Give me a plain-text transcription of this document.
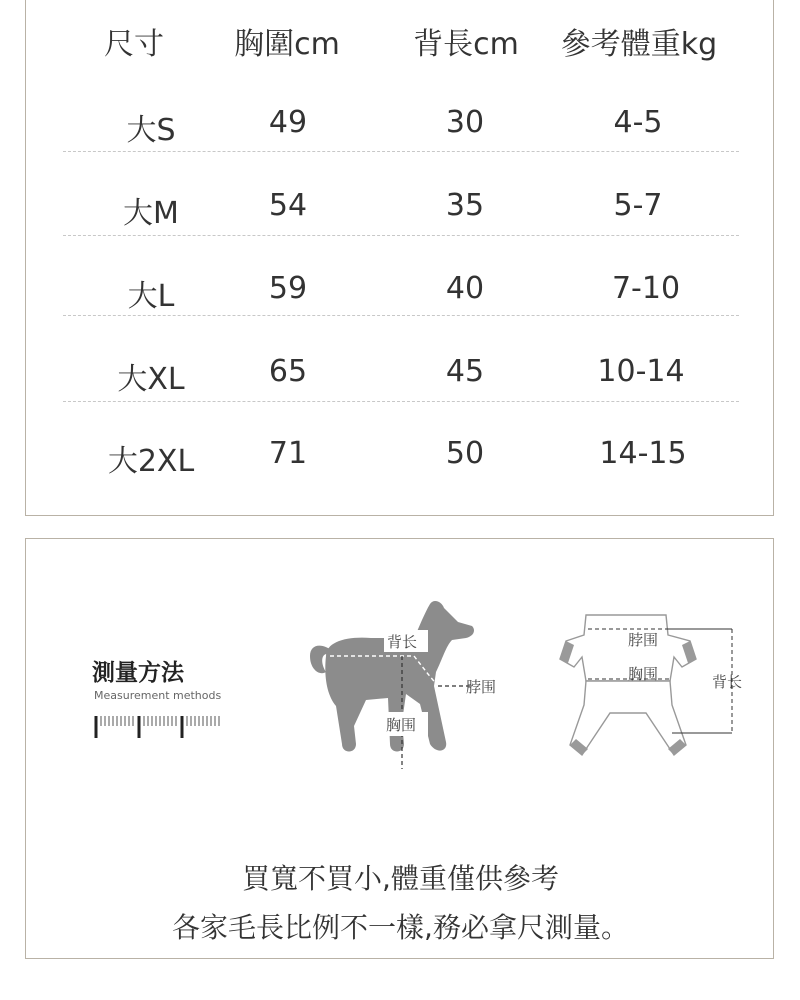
尺寸 胸圍cm 背長cm 參考體重kg
大S	49	30	4-5
大M	54	35	5-7
大L	59	40	7-10
大XL	65	45	10-14
大2XL 71	50	14-15
測量方法
Measurement methods
背长
胸围
脖围
脖围
胸围	背长
買寬不買小,體重僅供參考
各家毛長比例不一樣,務必拿尺測量。
